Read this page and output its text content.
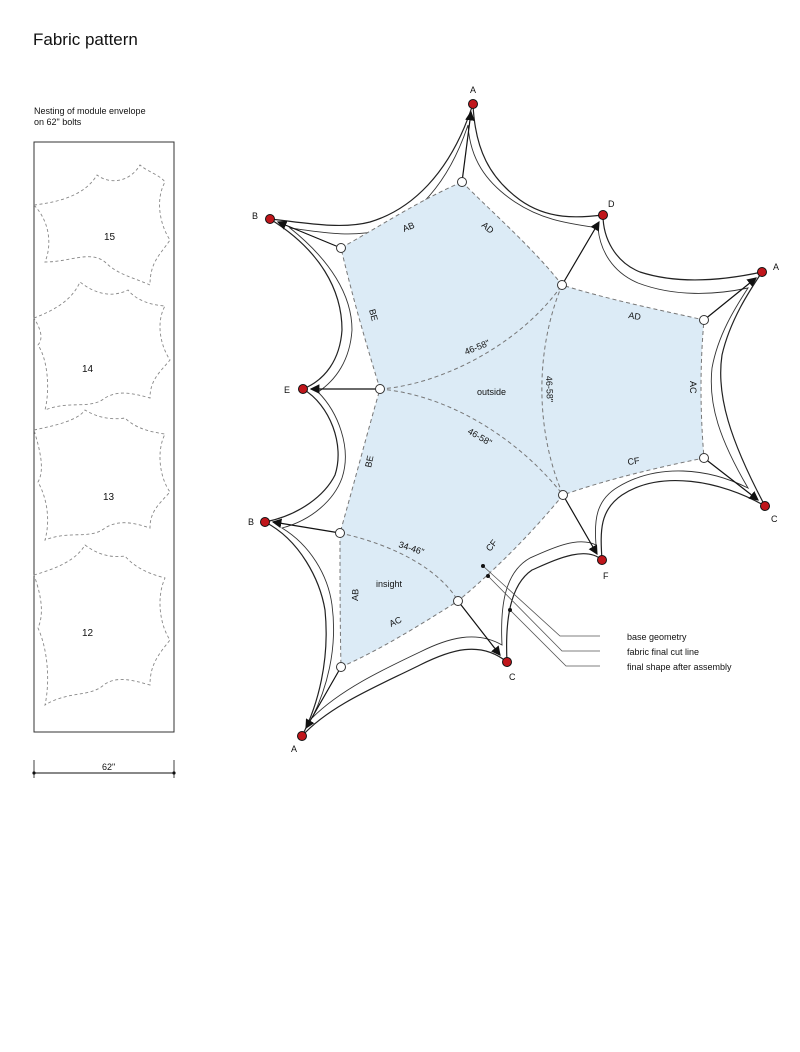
Fabric pattern
Nesting of module envelope
on 62" bolts
15
14
13
12
62"
A
D
B
A
E
C
B
F
C
A
AB	AD
BE	AD
AC
BE	CF
CF
AB
AC
46-58"
46-58"
46-58"
34-46"
outside
insight
base geometry
fabric final cut line
final shape after assembly
